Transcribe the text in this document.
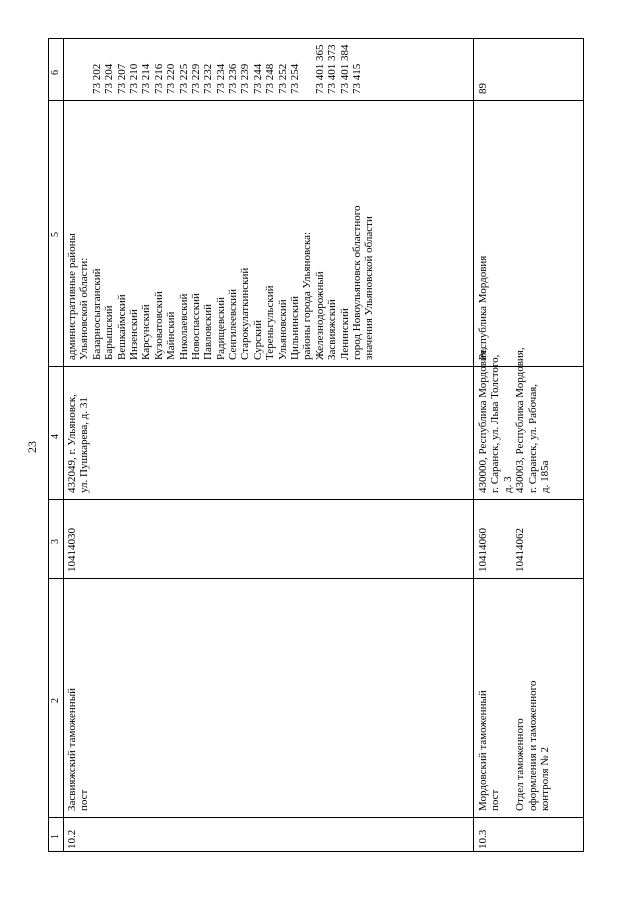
23
1
2
3
4
5
6
10.2
Засвияжский таможенный пост
10414030
432049, г. Ульяновск, ул. Пушкарева, д. 31
административные районы Ульяновской области: Базарносызганский Барышский Вешкаймский Инзенский Карсунский Кузоватовский Майнский Николаевский Новоспасский Павловский Радищевский Сенгилеевский Старокулаткинский Сурский Тереньгульский Ульяновский Цильнинский районы города Ульяновска: Железнодорожный Засвияжский Ленинский город Новоульяновск областного значения Ульяновской области
73 202 73 204 73 207 73 210 73 214 73 216 73 220 73 225 73 229 73 232 73 234 73 236 73 239 73 244 73 248 73 252 73 254 73 401 365 73 401 373 73 401 384 73 415
10.3
Мордовский таможенный пост Отдел таможенного оформления и таможенного контроля № 2
10414060 10414062
430000, Республика Мордовия, г. Саранск, ул. Льва Толстого, д. 3 430003, Республика Мордовия, г. Саранск, ул. Рабочая, д. 185а
Республика Мордовия
89
